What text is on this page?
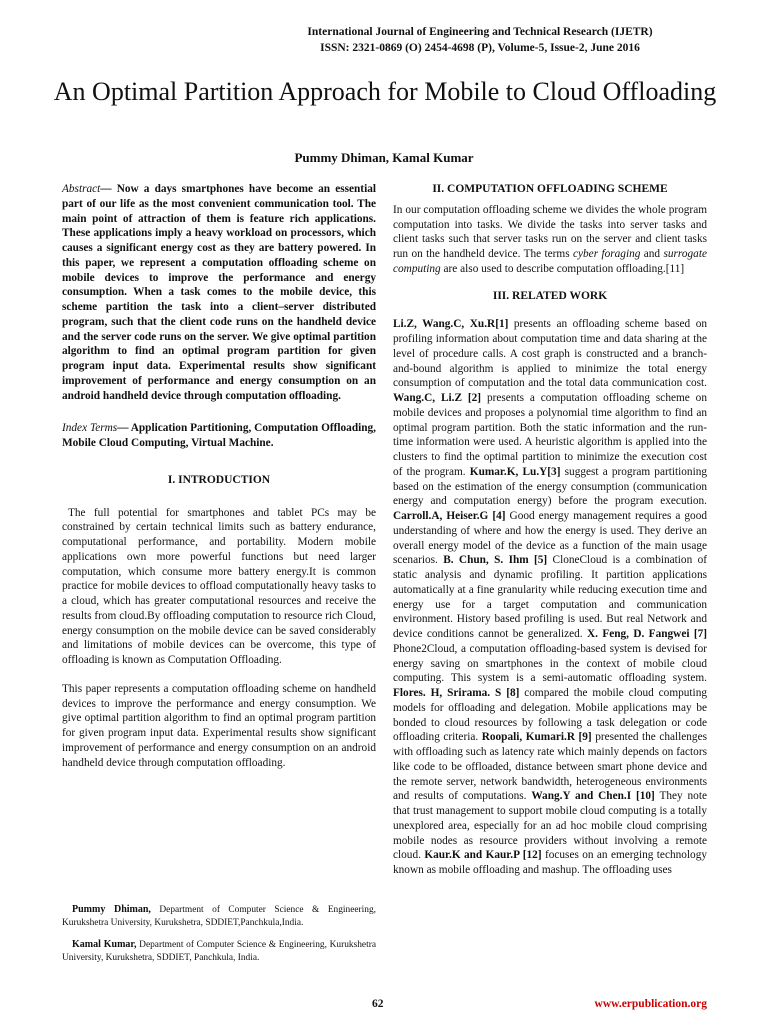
International Journal of Engineering and Technical Research (IJETR)
ISSN: 2321-0869 (O) 2454-4698 (P), Volume-5, Issue-2, June 2016
An Optimal Partition Approach for Mobile to Cloud Offloading
Pummy Dhiman, Kamal Kumar

Abstract— Now a days smartphones have become an essential part of our life as the most convenient communication tool. The main point of attraction of them is feature rich applications. These applications imply a heavy workload on processors, which causes a significant energy cost as they are battery powered. In this paper, we represent a computation offloading scheme on mobile devices to improve the performance and energy consumption. When a task comes to the mobile device, this scheme partition the task into a client–server distributed program, such that the client code runs on the handheld device and the server code runs on the server. We give optimal partition algorithm to find an optimal program partition for given program input data. Experimental results show significant improvement of performance and energy consumption on an android handheld device through computation offloading.

Index Terms— Application Partitioning, Computation Offloading, Mobile Cloud Computing, Virtual Machine.

I. INTRODUCTION

The full potential for smartphones and tablet PCs may be constrained by certain technical limits such as battery endurance, computational performance, and portability. Modern mobile applications own more powerful functions but need larger computation, which consume more battery energy.It is common practice for mobile devices to offload computationally heavy tasks to a cloud, which has greater computational resources and receive the results from cloud.By offloading computation to resource rich Cloud, energy consumption on the mobile device can be saved considerably and limitations of mobile devices can be overcome, this type of offloading is known as Computation Offloading.

This paper represents a computation offloading scheme on handheld devices to improve the performance and energy consumption. We give optimal partition algorithm to find an optimal program partition for given program input data. Experimental results show significant improvement of performance and energy consumption on an android handheld device through computation offloading.

Pummy Dhiman, Department of Computer Science & Engineering, Kurukshetra University, Kurukshetra, SDDIET,Panchkula,India.

Kamal Kumar, Department of Computer Science & Engineering, Kurukshetra University, Kurukshetra, SDDIET, Panchkula, India.

II. COMPUTATION OFFLOADING SCHEME

In our computation offloading scheme we divides the whole program computation into tasks. We divide the tasks into server tasks and client tasks such that server tasks run on the server and client tasks run on the handheld device. The terms cyber foraging and surrogate computing are also used to describe computation offloading.[11]

III. RELATED WORK

Li.Z, Wang.C, Xu.R[1] presents an offloading scheme based on profiling information about computation time and data sharing at the level of procedure calls. A cost graph is constructed and a branch-and-bound algorithm is applied to minimize the total energy consumption of computation and the total data communication cost. Wang.C, Li.Z [2] presents a computation offloading scheme on mobile devices and proposes a polynomial time algorithm to find an optimal program partition. Both the static information and the run-time information were used. A heuristic algorithm is applied into the clusters to find the optimal partition to minimize the execution cost of the program. Kumar.K, Lu.Y[3] suggest a program partitioning based on the estimation of the energy consumption (communication energy and computation energy) before the program execution. Carroll.A, Heiser.G [4] Good energy management requires a good understanding of where and how the energy is used. They derive an overall energy model of the device as a function of the main usage scenarios. B. Chun, S. Ihm [5] CloneCloud is a combination of static analysis and dynamic profiling. It partition applications automatically at a fine granularity while reducing execution time and energy use for a target computation and communication environment. History based profiling is used. But real Network and device conditions cannot be generalized. X. Feng, D. Fangwei [7] Phone2Cloud, a computation offloading-based system is devised for energy saving on smartphones in the context of mobile cloud computing. This system is a semi-automatic offloading system. Flores. H, Srirama. S [8] compared the mobile cloud computing models for offloading and delegation. Mobile applications may be bonded to cloud resources by following a task delegation or code offloading criteria. Roopali, Kumari.R [9] presented the challenges with offloading such as latency rate which mainly depends on factors like code to be offloaded, distance between smart phone device and the remote server, network bandwidth, heterogeneous environments and results of computations. Wang.Y and Chen.I [10] They note that trust management to support mobile cloud computing is a totally unexplored area, especially for an ad hoc mobile cloud comprising mobile nodes as resource providers without involving a remote cloud. Kaur.K and Kaur.P [12] focuses on an emerging technology known as mobile offloading and mashup. The offloading uses

62	www.erpublication.org
